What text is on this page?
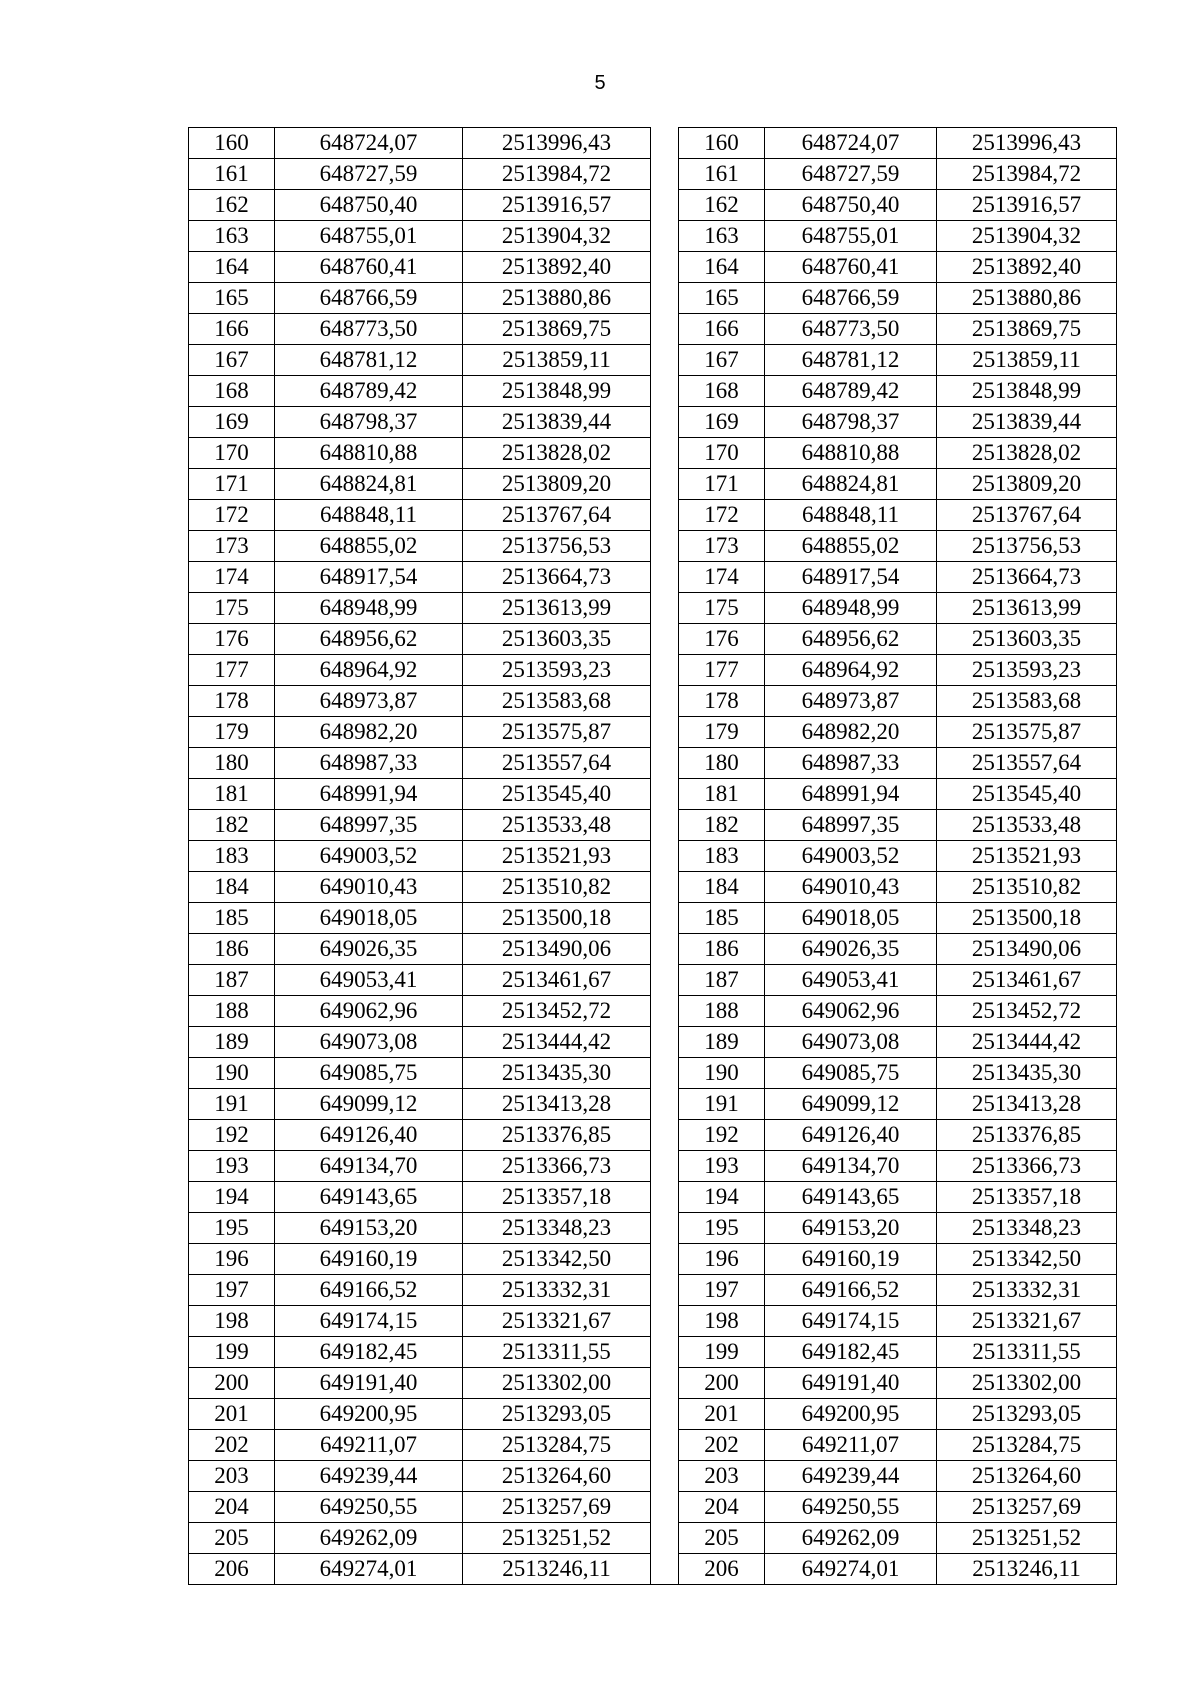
5
160	648724,07	2513996,43		160	648724,07	2513996,43
161	648727,59	2513984,72		161	648727,59	2513984,72
162	648750,40	2513916,57		162	648750,40	2513916,57
163	648755,01	2513904,32		163	648755,01	2513904,32
164	648760,41	2513892,40		164	648760,41	2513892,40
165	648766,59	2513880,86		165	648766,59	2513880,86
166	648773,50	2513869,75		166	648773,50	2513869,75
167	648781,12	2513859,11		167	648781,12	2513859,11
168	648789,42	2513848,99		168	648789,42	2513848,99
169	648798,37	2513839,44		169	648798,37	2513839,44
170	648810,88	2513828,02		170	648810,88	2513828,02
171	648824,81	2513809,20		171	648824,81	2513809,20
172	648848,11	2513767,64		172	648848,11	2513767,64
173	648855,02	2513756,53		173	648855,02	2513756,53
174	648917,54	2513664,73		174	648917,54	2513664,73
175	648948,99	2513613,99		175	648948,99	2513613,99
176	648956,62	2513603,35		176	648956,62	2513603,35
177	648964,92	2513593,23		177	648964,92	2513593,23
178	648973,87	2513583,68		178	648973,87	2513583,68
179	648982,20	2513575,87		179	648982,20	2513575,87
180	648987,33	2513557,64		180	648987,33	2513557,64
181	648991,94	2513545,40		181	648991,94	2513545,40
182	648997,35	2513533,48		182	648997,35	2513533,48
183	649003,52	2513521,93		183	649003,52	2513521,93
184	649010,43	2513510,82		184	649010,43	2513510,82
185	649018,05	2513500,18		185	649018,05	2513500,18
186	649026,35	2513490,06		186	649026,35	2513490,06
187	649053,41	2513461,67		187	649053,41	2513461,67
188	649062,96	2513452,72		188	649062,96	2513452,72
189	649073,08	2513444,42		189	649073,08	2513444,42
190	649085,75	2513435,30		190	649085,75	2513435,30
191	649099,12	2513413,28		191	649099,12	2513413,28
192	649126,40	2513376,85		192	649126,40	2513376,85
193	649134,70	2513366,73		193	649134,70	2513366,73
194	649143,65	2513357,18		194	649143,65	2513357,18
195	649153,20	2513348,23		195	649153,20	2513348,23
196	649160,19	2513342,50		196	649160,19	2513342,50
197	649166,52	2513332,31		197	649166,52	2513332,31
198	649174,15	2513321,67		198	649174,15	2513321,67
199	649182,45	2513311,55		199	649182,45	2513311,55
200	649191,40	2513302,00		200	649191,40	2513302,00
201	649200,95	2513293,05		201	649200,95	2513293,05
202	649211,07	2513284,75		202	649211,07	2513284,75
203	649239,44	2513264,60		203	649239,44	2513264,60
204	649250,55	2513257,69		204	649250,55	2513257,69
205	649262,09	2513251,52		205	649262,09	2513251,52
206	649274,01	2513246,11		206	649274,01	2513246,11
